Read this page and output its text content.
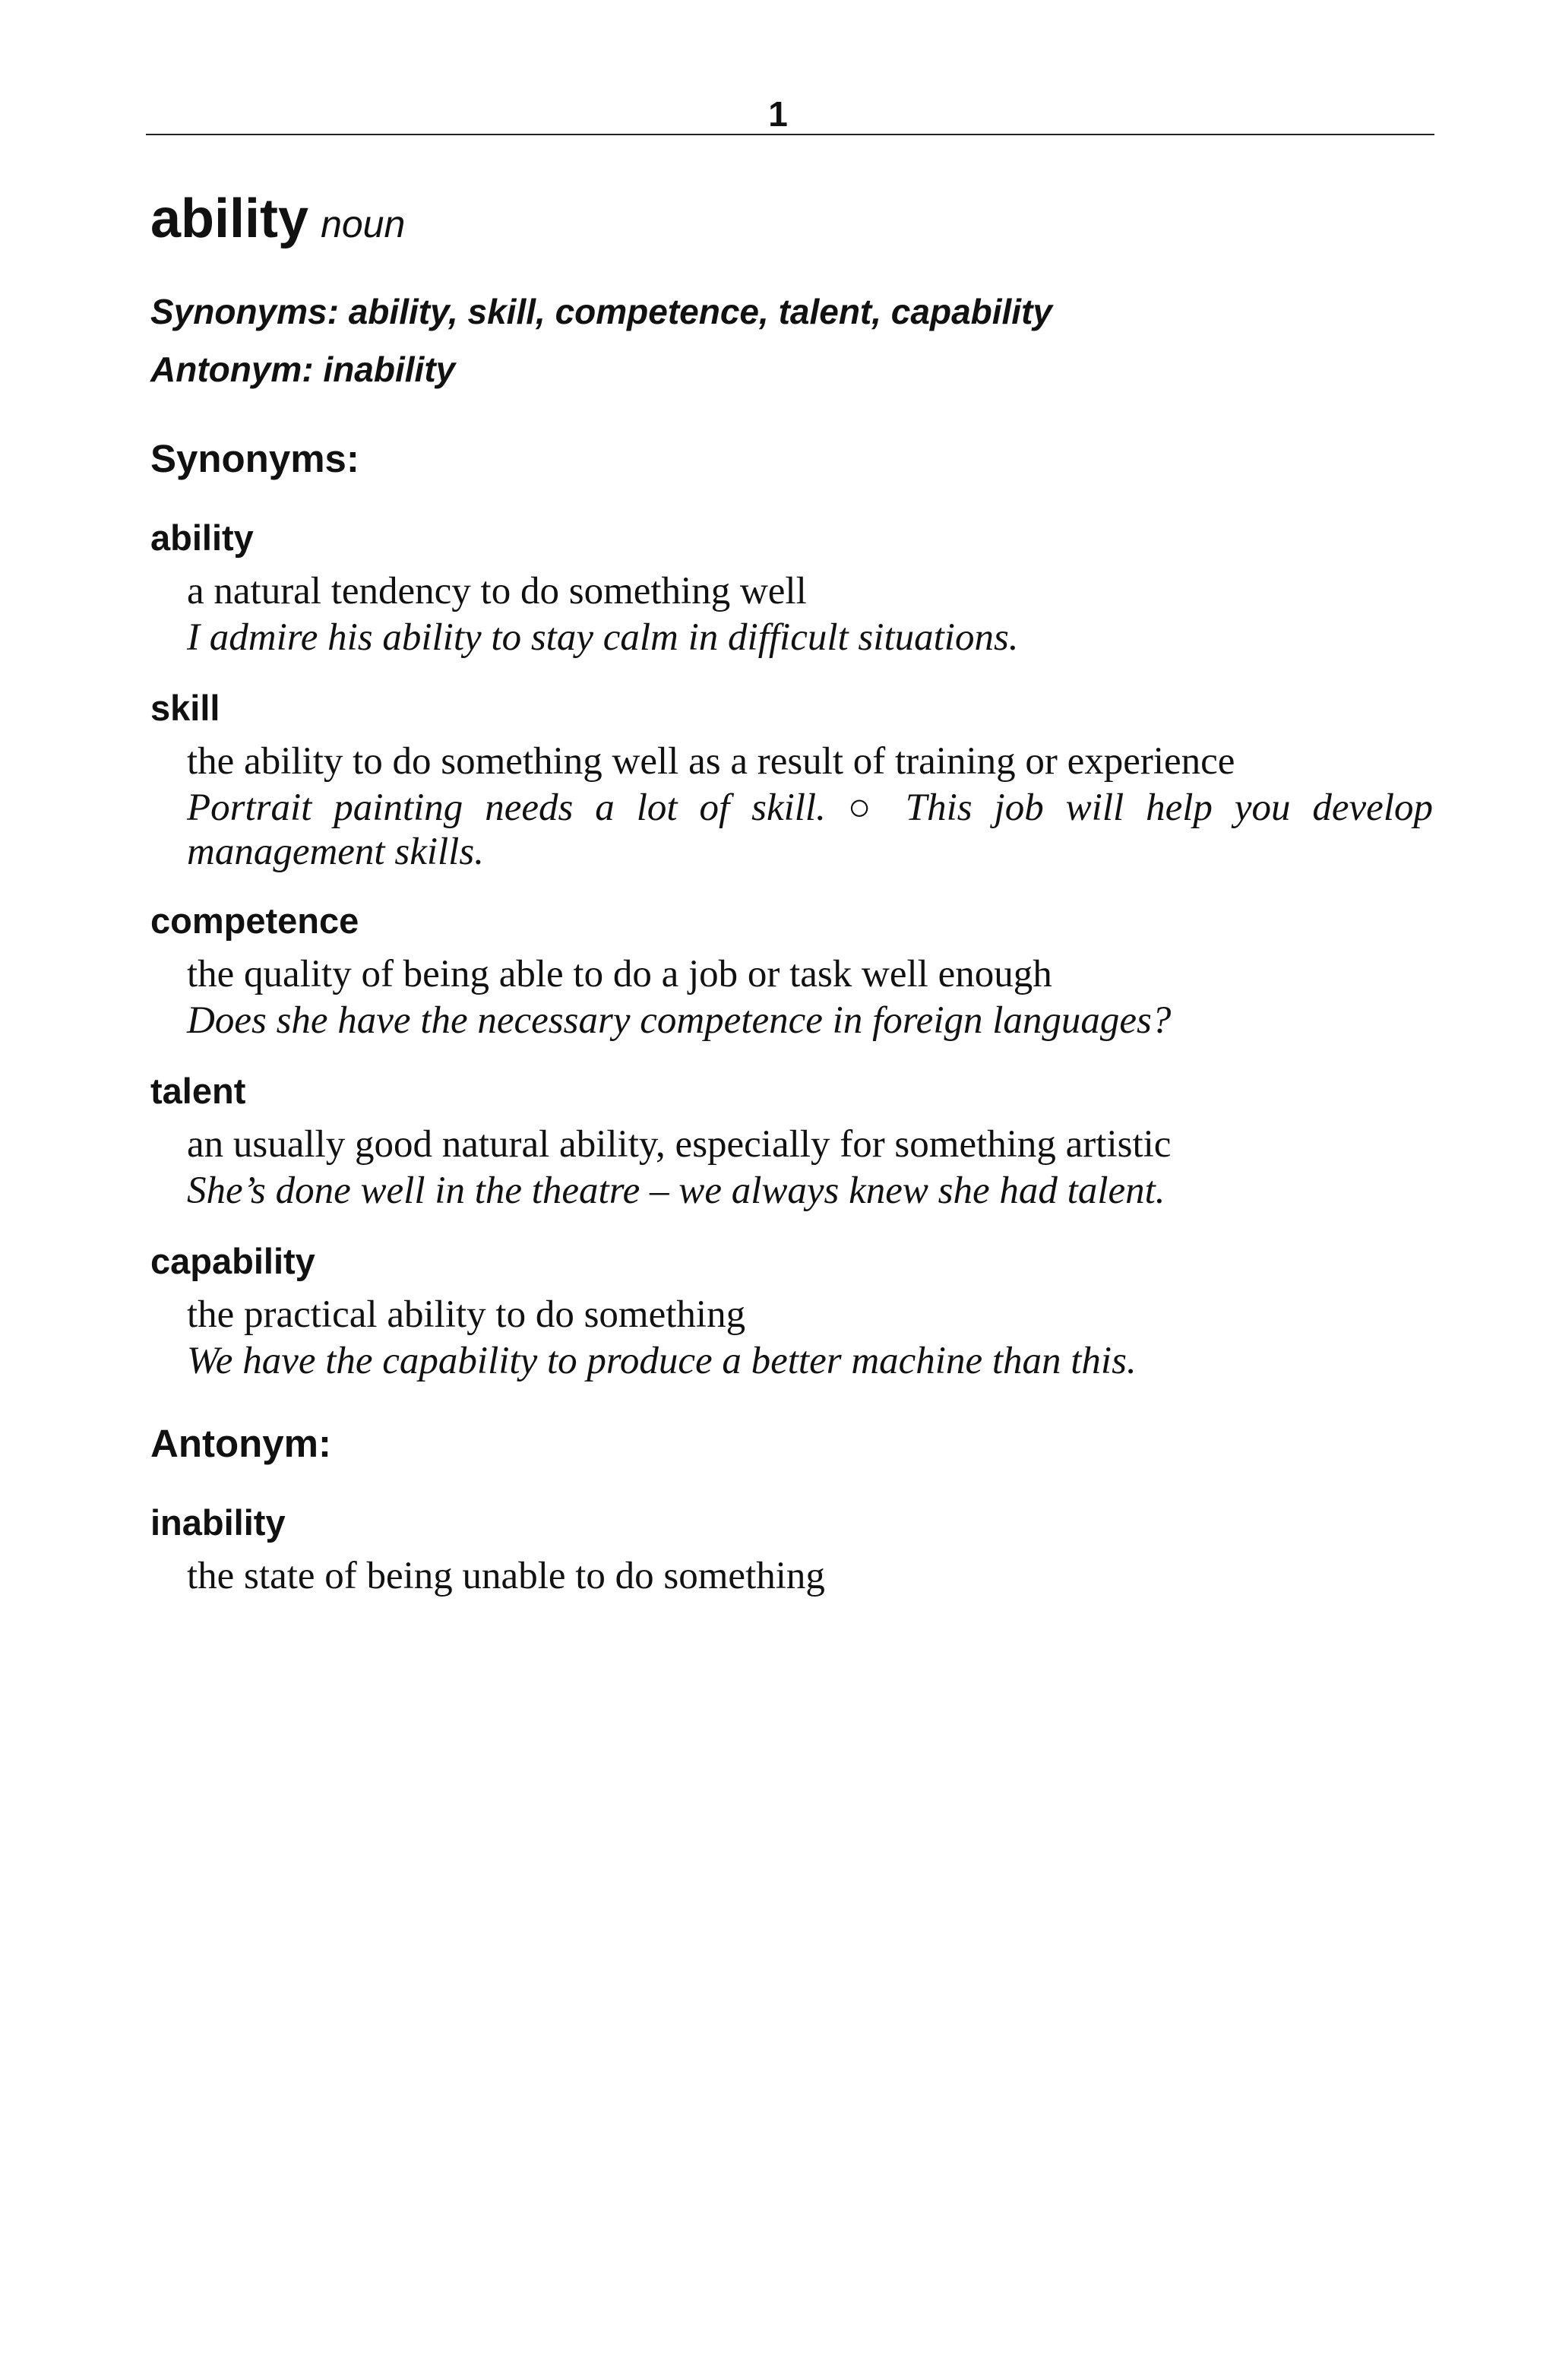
1
ability noun
Synonyms: ability, skill, competence, talent, capability
Antonym: inability
Synonyms:
ability
a natural tendency to do something well
I admire his ability to stay calm in difficult situations.
skill
the ability to do something well as a result of training or experience
Portrait painting needs a lot of skill. ○ This job will help you develop management skills.
competence
the quality of being able to do a job or task well enough
Does she have the necessary competence in foreign languages?
talent
an usually good natural ability, especially for something artistic
She’s done well in the theatre – we always knew she had talent.
capability
the practical ability to do something
We have the capability to produce a better machine than this.
Antonym:
inability
the state of being unable to do something
